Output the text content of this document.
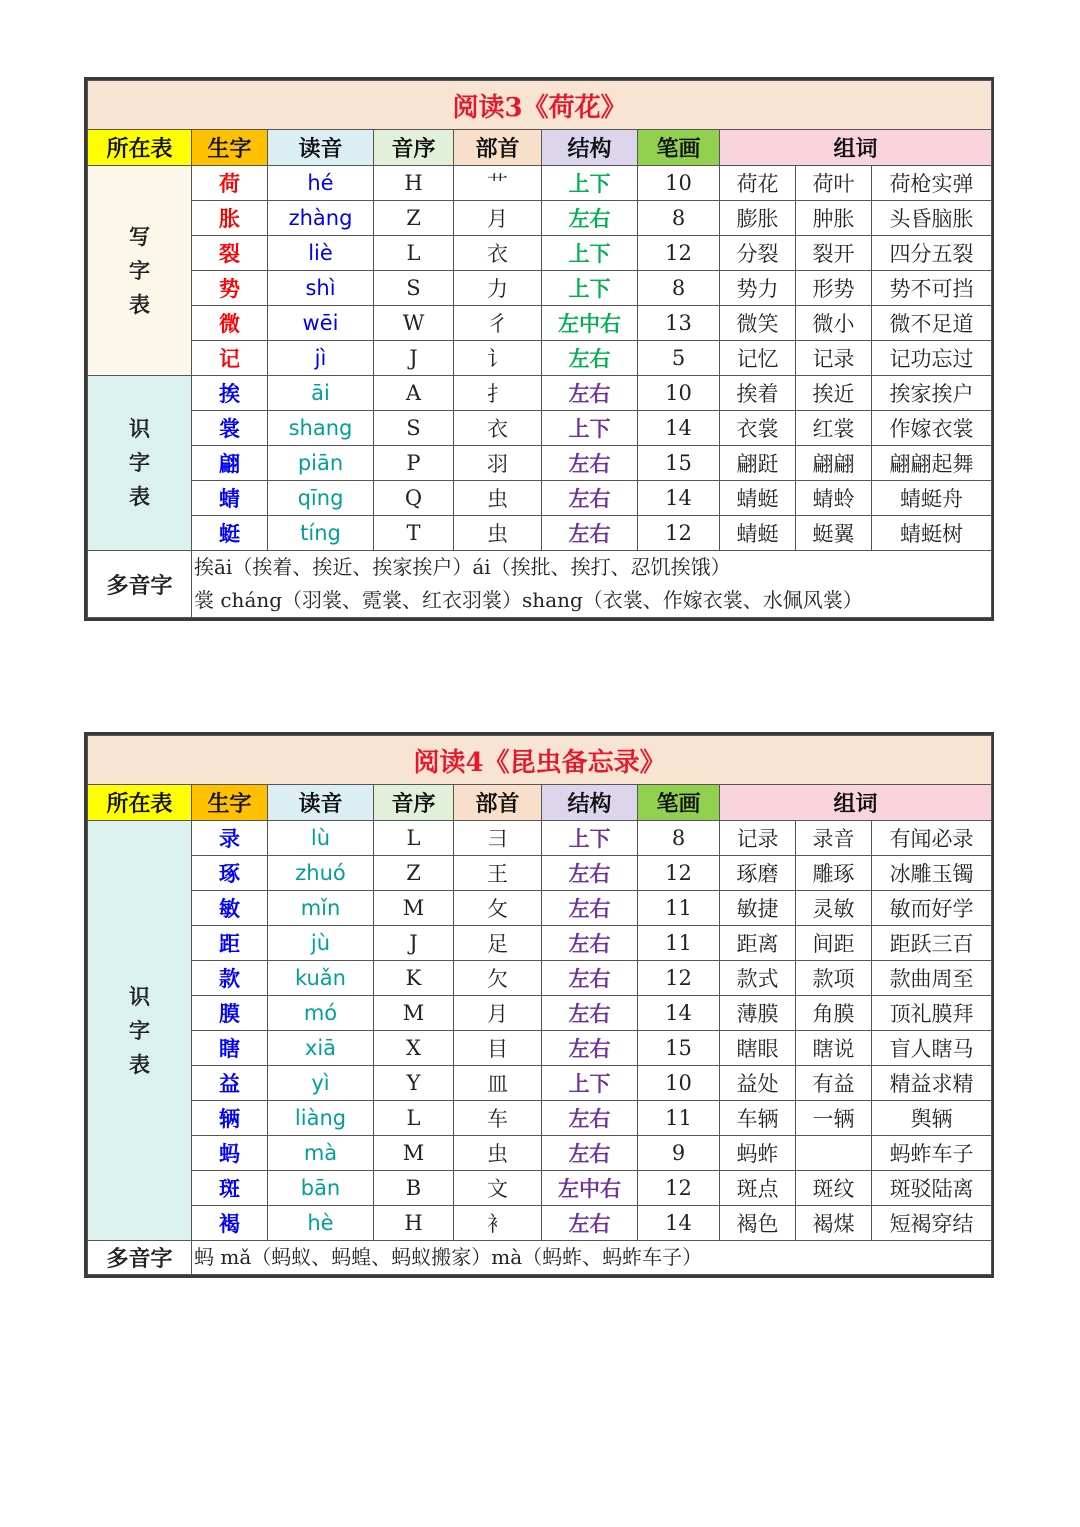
阅读3《荷花》									
所在表	生字	读音	音序	部首	结构	笔画	组词		
写字表	荷	hé	H	艹	上下	10	荷花	荷叶	荷枪实弹
	胀	zhàng	Z	月	左右	8	膨胀	肿胀	头昏脑胀
	裂	liè	L	衣	上下	12	分裂	裂开	四分五裂
	势	shì	S	力	上下	8	势力	形势	势不可挡
	微	wēi	W	彳	左中右	13	微笑	微小	微不足道
	记	jì	J	讠	左右	5	记忆	记录	记功忘过
识字表	挨	āi	A	扌	左右	10	挨着	挨近	挨家挨户
	裳	shang	S	衣	上下	14	衣裳	红裳	作嫁衣裳
	翩	piān	P	羽	左右	15	翩跹	翩翩	翩翩起舞
	蜻	qīng	Q	虫	左右	14	蜻蜓	蜻蛉	蜻蜓舟
	蜓	tíng	T	虫	左右	12	蜻蜓	蜓翼	蜻蜓树
多音字	挨āi（挨着、挨近、挨家挨户）ái（挨批、挨打、忍饥挨饿）
裳 cháng（羽裳、霓裳、红衣羽裳）shang（衣裳、作嫁衣裳、水佩风裳）								
阅读4《昆虫备忘录》									
所在表	生字	读音	音序	部首	结构	笔画	组词		
识字表	录	lù	L	彐	上下	8	记录	录音	有闻必录
	琢	zhuó	Z	王	左右	12	琢磨	雕琢	冰雕玉镯
	敏	mǐn	M	攵	左右	11	敏捷	灵敏	敏而好学
	距	jù	J	足	左右	11	距离	间距	距跃三百
	款	kuǎn	K	欠	左右	12	款式	款项	款曲周至
	膜	mó	M	月	左右	14	薄膜	角膜	顶礼膜拜
	瞎	xiā	X	目	左右	15	瞎眼	瞎说	盲人瞎马
	益	yì	Y	皿	上下	10	益处	有益	精益求精
	辆	liàng	L	车	左右	11	车辆	一辆	舆辆
	蚂	mà	M	虫	左右	9	蚂蚱		蚂蚱车子
	斑	bān	B	文	左中右	12	斑点	斑纹	斑驳陆离
	褐	hè	H	衤	左右	14	褐色	褐煤	短褐穿结
多音字	蚂 mǎ（蚂蚁、蚂蝗、蚂蚁搬家）mà（蚂蚱、蚂蚱车子）								
